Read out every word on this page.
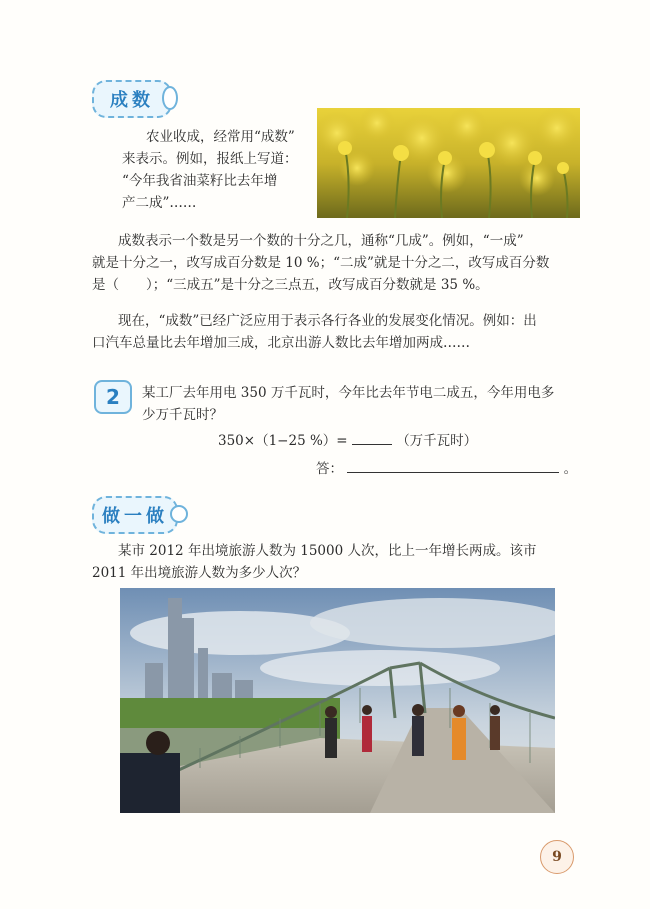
成数
农业收成，经常用“成数”
来表示。例如，报纸上写道：
“今年我省油菜籽比去年增
产二成”……
成数表示一个数是另一个数的十分之几，通称“几成”。例如，“一成”
就是十分之一，改写成百分数是 10 %；“二成”就是十分之二，改写成百分数
是（　　）；“三成五”是十分之三点五，改写成百分数就是 35 %。
现在，“成数”已经广泛应用于表示各行各业的发展变化情况。例如：出
口汽车总量比去年增加三成，北京出游人数比去年增加两成……
2 某工厂去年用电 350 万千瓦时，今年比去年节电二成五，今年用电多
少万千瓦时？
350×（1−25 %）=	（万千瓦时）
答：	。
做一做
某市 2012 年出境旅游人数为 15000 人次，比上一年增长两成。该市
2011 年出境旅游人数为多少人次？
9
